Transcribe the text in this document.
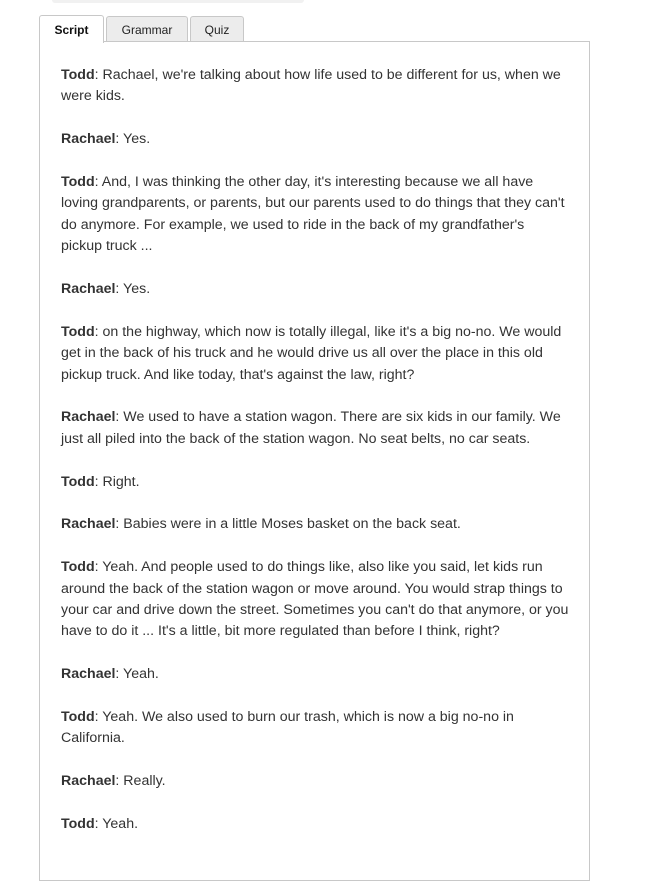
Script	Grammar	Quiz

Todd: Rachael, we're talking about how life used to be different for us, when we were kids.

Rachael: Yes.

Todd: And, I was thinking the other day, it's interesting because we all have loving grandparents, or parents, but our parents used to do things that they can't do anymore. For example, we used to ride in the back of my grandfather's pickup truck ...

Rachael: Yes.

Todd: on the highway, which now is totally illegal, like it's a big no-no. We would get in the back of his truck and he would drive us all over the place in this old pickup truck. And like today, that's against the law, right?

Rachael: We used to have a station wagon. There are six kids in our family. We just all piled into the back of the station wagon. No seat belts, no car seats.

Todd: Right.

Rachael: Babies were in a little Moses basket on the back seat.

Todd: Yeah. And people used to do things like, also like you said, let kids run around the back of the station wagon or move around. You would strap things to your car and drive down the street. Sometimes you can't do that anymore, or you have to do it ... It's a little, bit more regulated than before I think, right?

Rachael: Yeah.

Todd: Yeah. We also used to burn our trash, which is now a big no-no in California.

Rachael: Really.

Todd: Yeah.
